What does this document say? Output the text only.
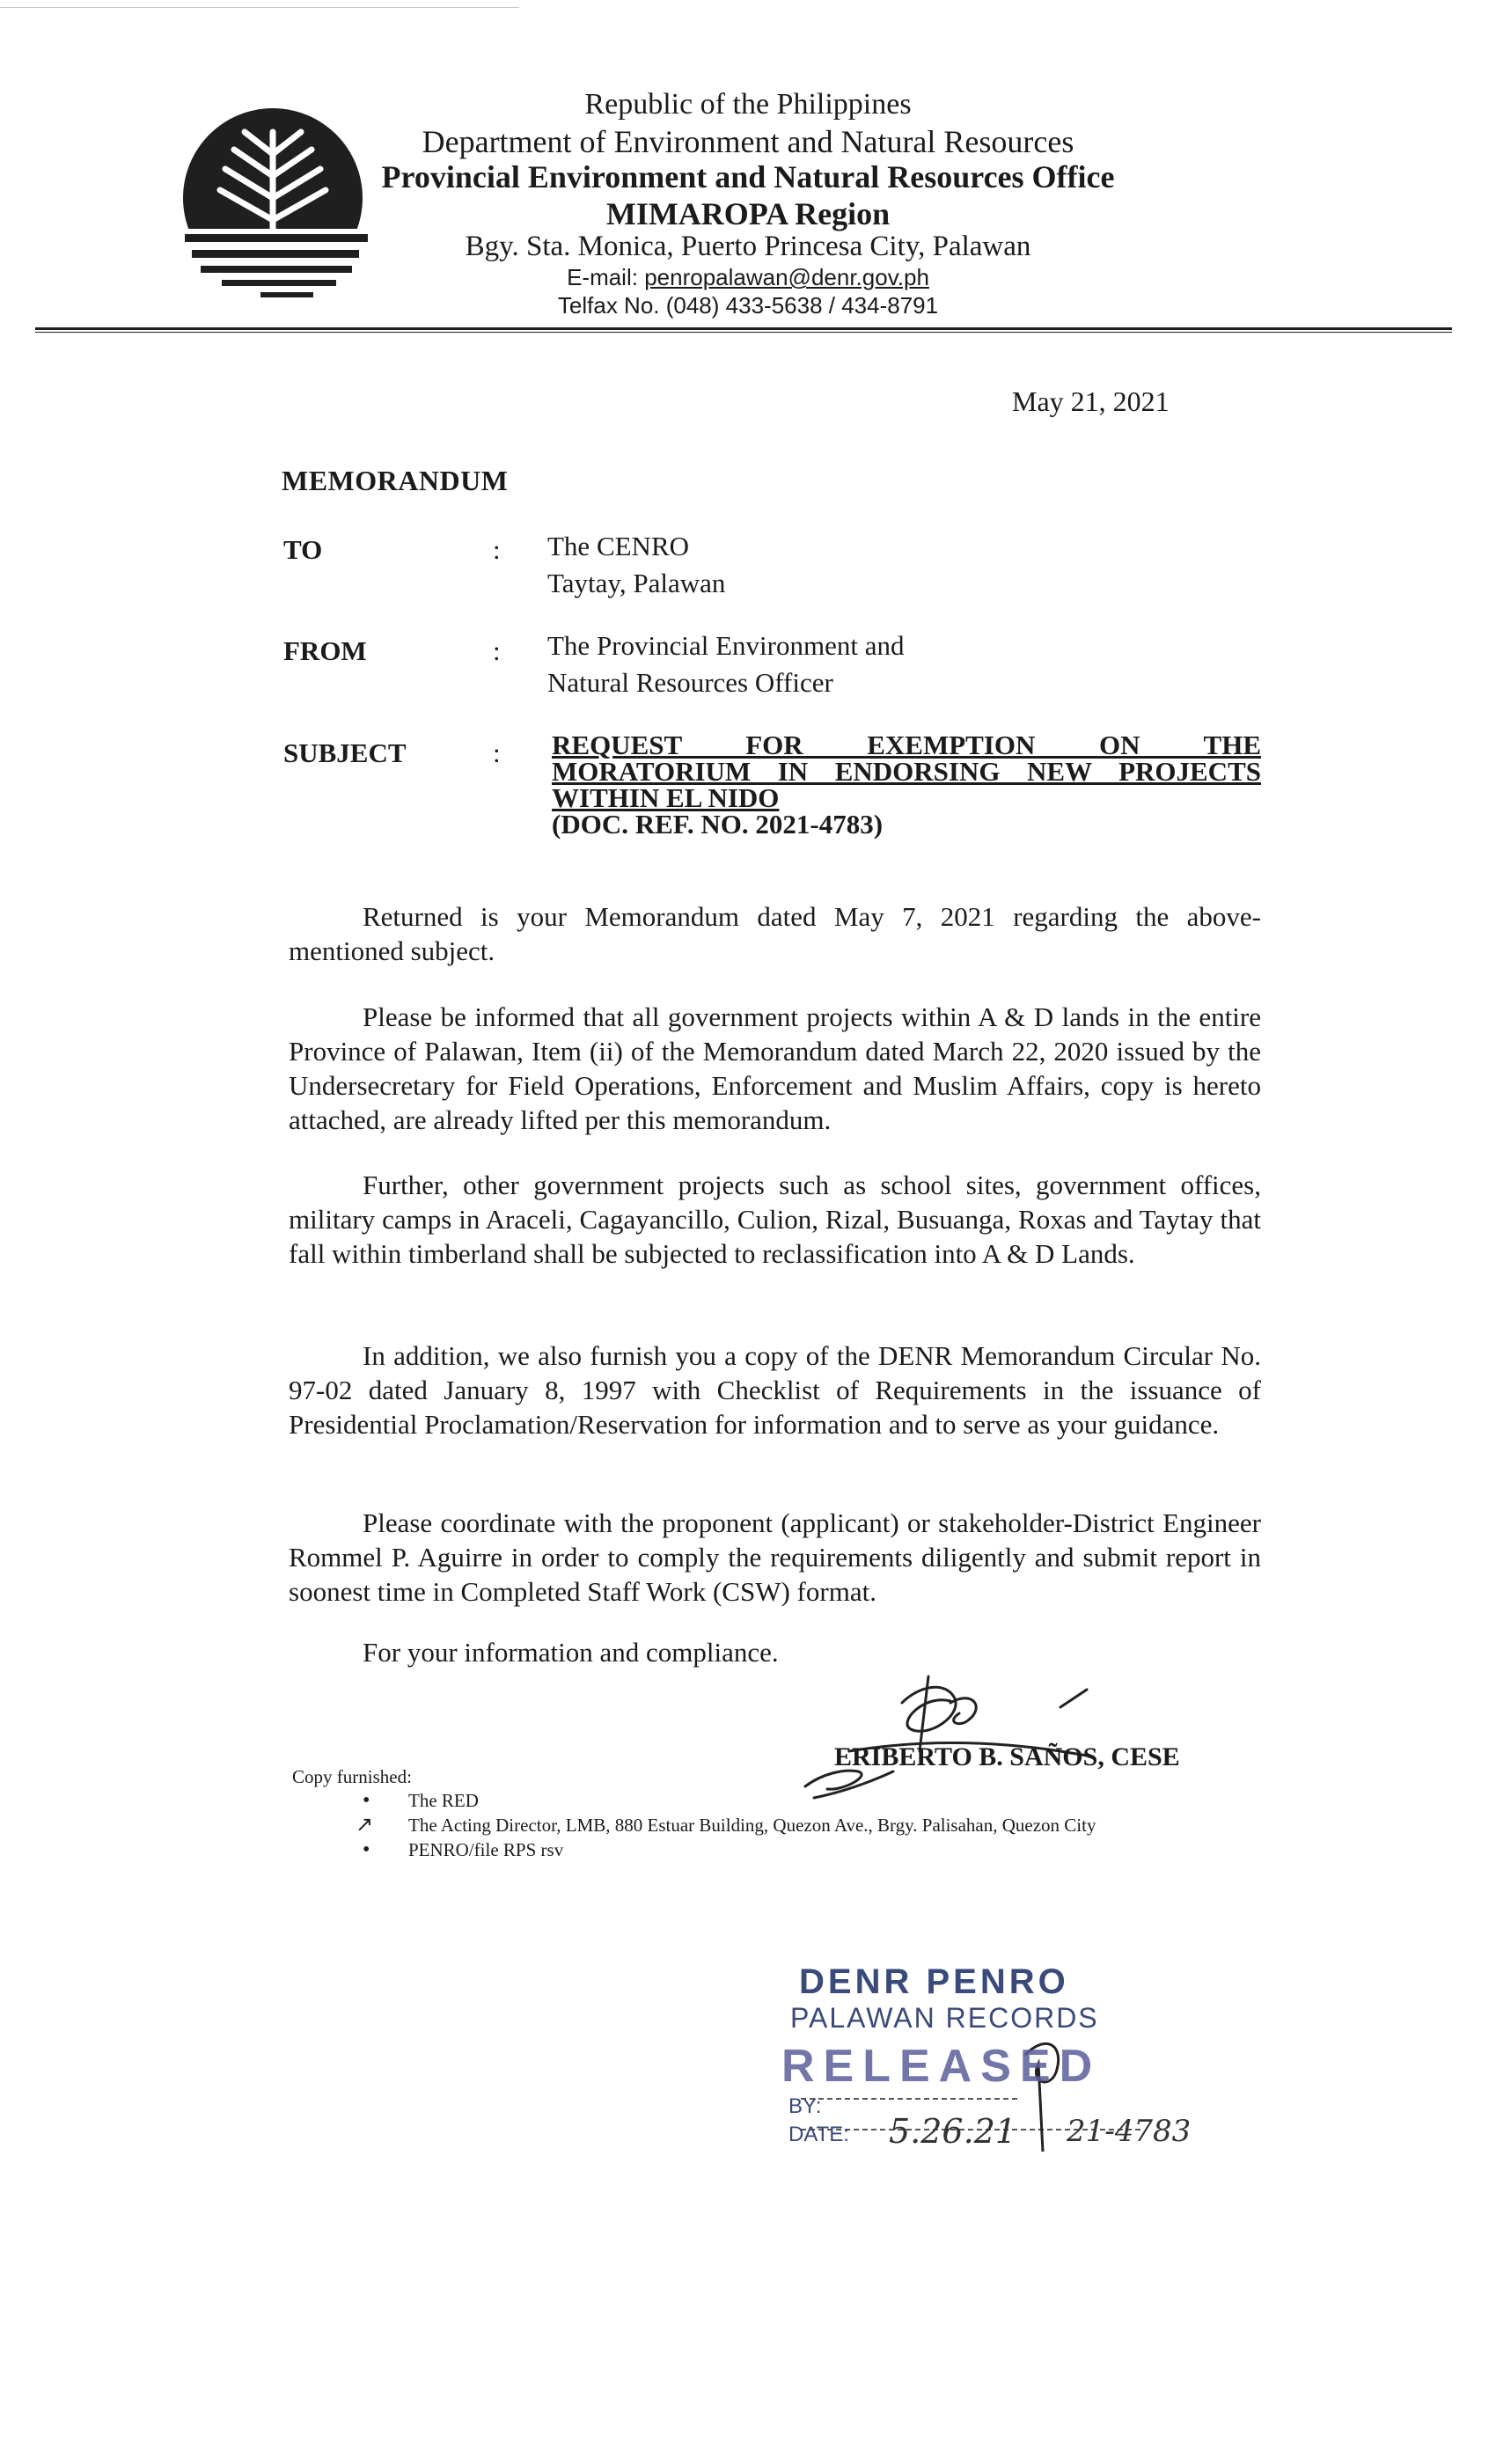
Republic of the Philippines
Department of Environment and Natural Resources
Provincial Environment and Natural Resources Office
MIMAROPA Region
Bgy. Sta. Monica, Puerto Princesa City, Palawan
E-mail: penropalawan@denr.gov.ph
Telfax No. (048) 433-5638 / 434-8791
May 21, 2021
MEMORANDUM
TO	: The CENRO
Taytay, Palawan
FROM	: The Provincial Environment and
Natural Resources Officer
SUBJECT	: REQUEST FOR EXEMPTION ON THE
MORATORIUM IN ENDORSING NEW PROJECTS
WITHIN EL NIDO
(DOC. REF. NO. 2021-4783)

Returned is your Memorandum dated May 7, 2021 regarding the above-mentioned subject.

Please be informed that all government projects within A & D lands in the entire Province of Palawan, Item (ii) of the Memorandum dated March 22, 2020 issued by the Undersecretary for Field Operations, Enforcement and Muslim Affairs, copy is hereto attached, are already lifted per this memorandum.

Further, other government projects such as school sites, government offices, military camps in Araceli, Cagayancillo, Culion, Rizal, Busuanga, Roxas and Taytay that fall within timberland shall be subjected to reclassification into A & D Lands.

In addition, we also furnish you a copy of the DENR Memorandum Circular No. 97-02 dated January 8, 1997 with Checklist of Requirements in the issuance of Presidential Proclamation/Reservation for information and to serve as your guidance.

Please coordinate with the proponent (applicant) or stakeholder-District Engineer Rommel P. Aguirre in order to comply the requirements diligently and submit report in soonest time in Completed Staff Work (CSW) format.

For your information and compliance.

ERIBERTO B. SAÑOS, CESE
Copy furnished:
• The RED
↗ The Acting Director, LMB, 880 Estuar Building, Quezon Ave., Brgy. Palisahan, Quezon City
• PENRO/file RPS rsv
DENR PENRO
PALAWAN RECORDS
RELEASED
BY:
DATE: 5.26.21 21-4783
